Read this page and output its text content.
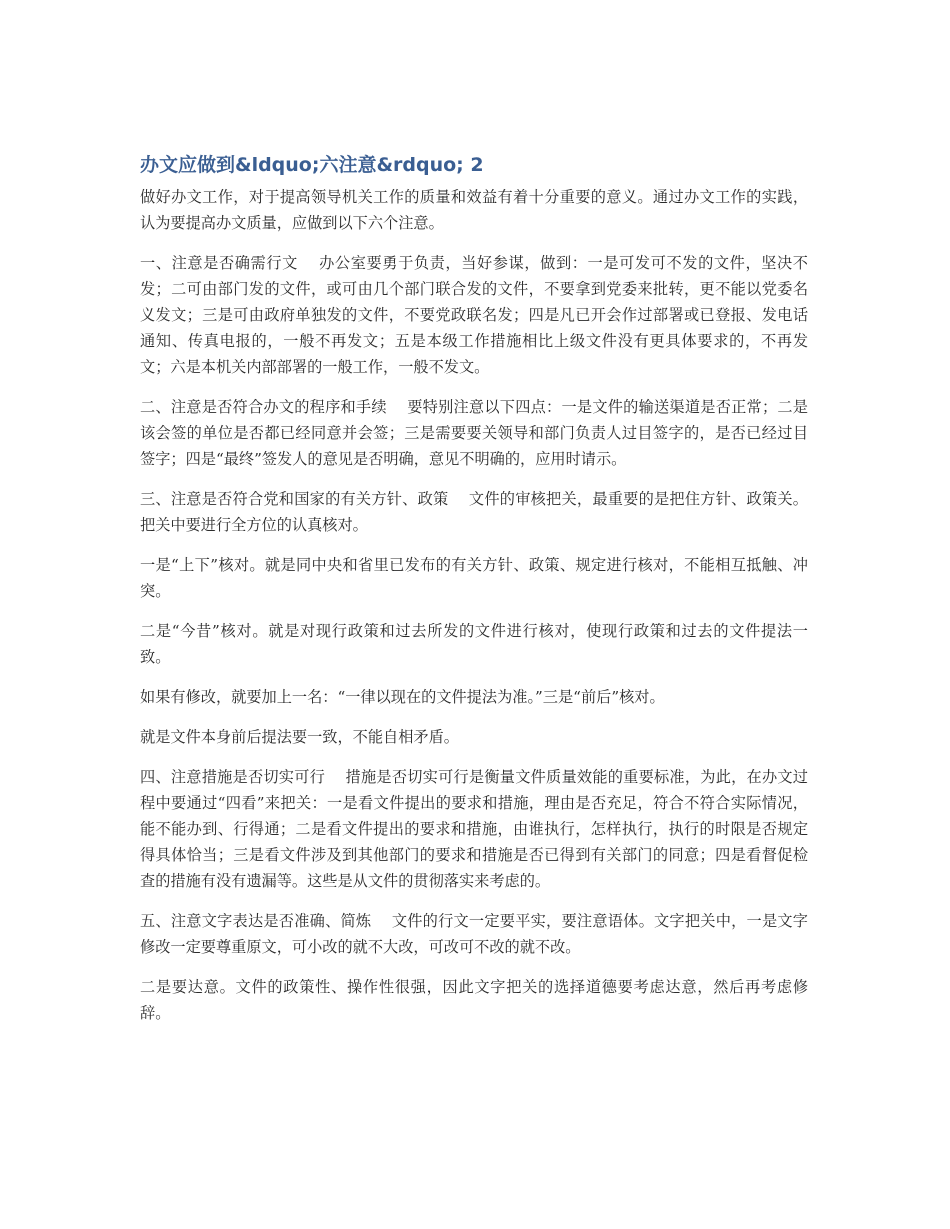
办文应做到&ldquo;六注意&rdquo; 2

做好办文工作，对于提高领导机关工作的质量和效益有着十分重要的意义。通过办文工作的实践，认为要提高办文质量，应做到以下六个注意。

一、注意是否确需行文　 办公室要勇于负责，当好参谋，做到：一是可发可不发的文件，坚决不发；二可由部门发的文件，或可由几个部门联合发的文件，不要拿到党委来批转，更不能以党委名义发文；三是可由政府单独发的文件，不要党政联名发；四是凡已开会作过部署或已登报、发电话通知、传真电报的，一般不再发文；五是本级工作措施相比上级文件没有更具体要求的，不再发文；六是本机关内部部署的一般工作，一般不发文。

二、注意是否符合办文的程序和手续　 要特别注意以下四点：一是文件的输送渠道是否正常；二是该会签的单位是否都已经同意并会签；三是需要要关领导和部门负责人过目签字的，是否已经过目签字；四是“最终”签发人的意见是否明确，意见不明确的，应用时请示。

三、注意是否符合党和国家的有关方针、政策　 文件的审核把关，最重要的是把住方针、政策关。把关中要进行全方位的认真核对。

一是“上下”核对。就是同中央和省里已发布的有关方针、政策、规定进行核对，不能相互抵触、冲突。

二是“今昔”核对。就是对现行政策和过去所发的文件进行核对，使现行政策和过去的文件提法一致。

如果有修改，就要加上一名：“一律以现在的文件提法为准。”三是“前后”核对。

就是文件本身前后提法要一致，不能自相矛盾。

四、注意措施是否切实可行　 措施是否切实可行是衡量文件质量效能的重要标准，为此，在办文过程中要通过“四看”来把关：一是看文件提出的要求和措施，理由是否充足，符合不符合实际情况，能不能办到、行得通；二是看文件提出的要求和措施，由谁执行，怎样执行，执行的时限是否规定得具体恰当；三是看文件涉及到其他部门的要求和措施是否已得到有关部门的同意；四是看督促检查的措施有没有遗漏等。这些是从文件的贯彻落实来考虑的。

五、注意文字表达是否准确、简炼　 文件的行文一定要平实，要注意语体。文字把关中，一是文字修改一定要尊重原文，可小改的就不大改，可改可不改的就不改。

二是要达意。文件的政策性、操作性很强，因此文字把关的选择道德要考虑达意，然后再考虑修辞。
